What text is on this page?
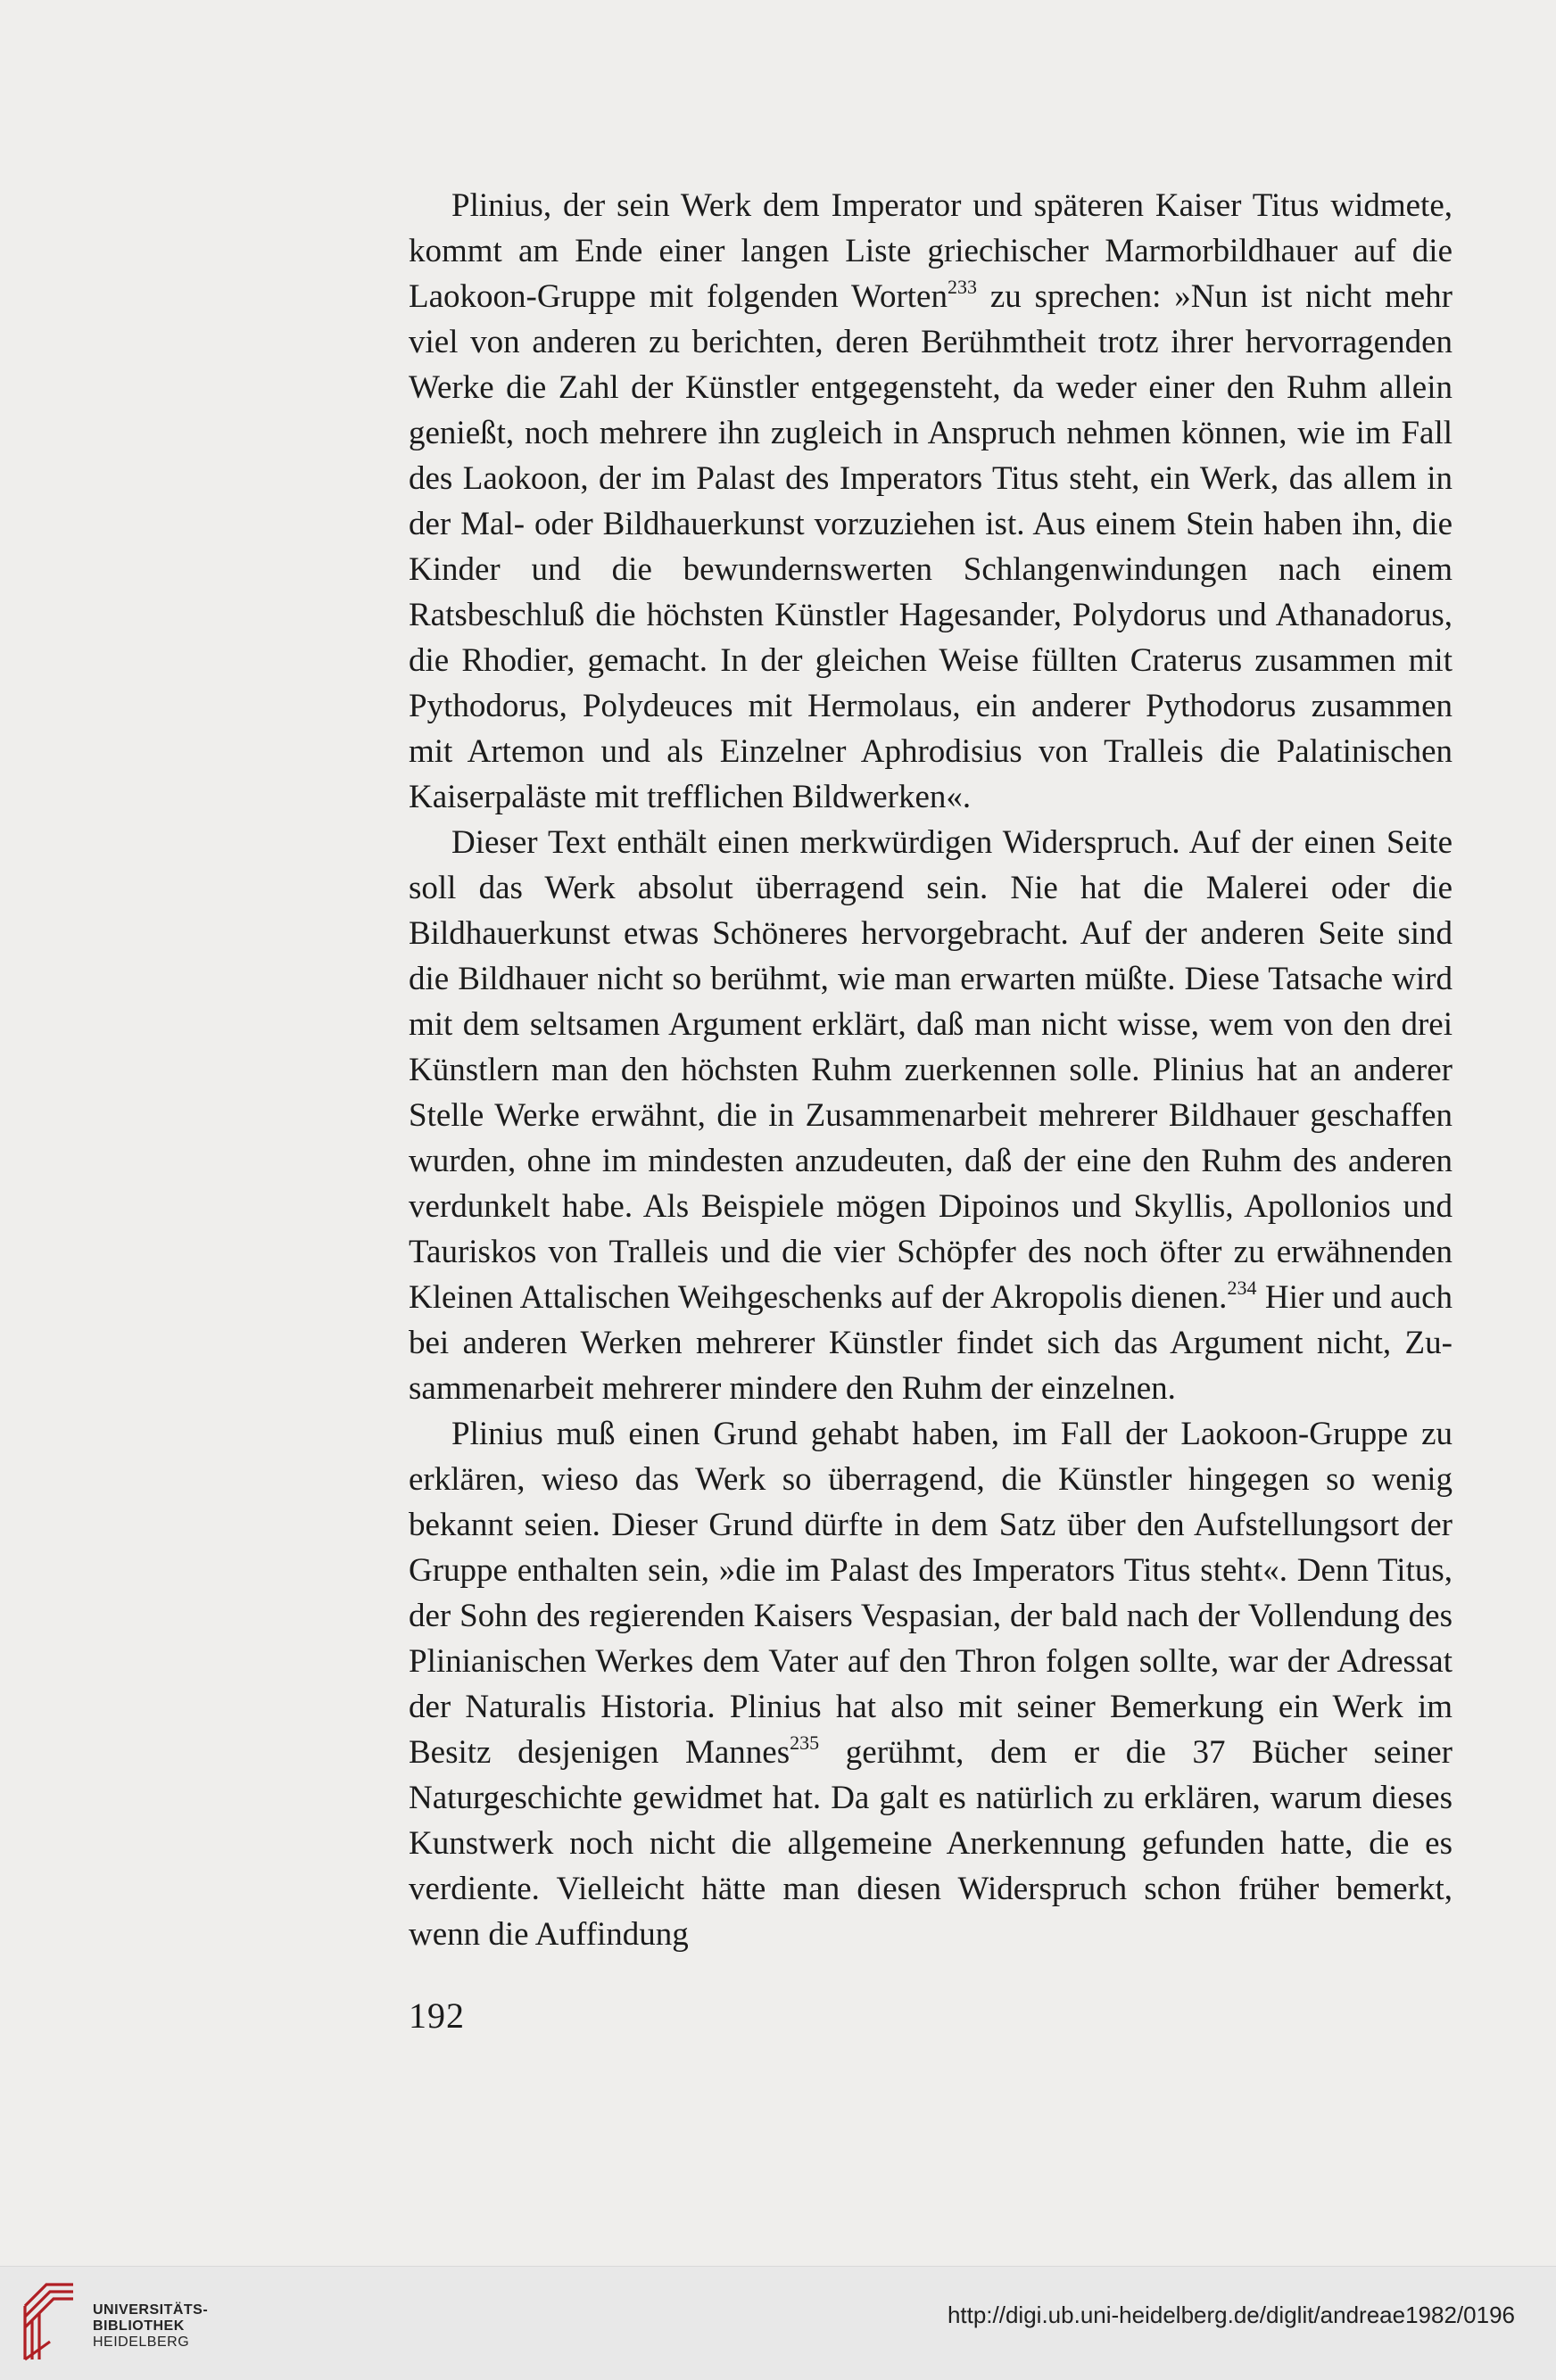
Plinius, der sein Werk dem Imperator und späteren Kaiser Titus widmete, kommt am Ende einer langen Liste griechischer Marmorbildhauer auf die Laokoon-Gruppe mit folgenden Worten$^{233}$ zu sprechen: »Nun ist nicht mehr viel von anderen zu berichten, deren Berühmtheit trotz ihrer hervorragenden Werke die Zahl der Künstler entgegensteht, da weder einer den Ruhm allein genießt, noch mehrere ihn zugleich in Anspruch nehmen können, wie im Fall des Laokoon, der im Palast des Imperators Titus steht, ein Werk, das allem in der Mal- oder Bildhauerkunst vorzuziehen ist. Aus einem Stein haben ihn, die Kinder und die bewundernswerten Schlangenwindungen nach einem Ratsbeschluß die höchsten Künstler Hagesander, Polydorus und Athanadorus, die Rhodier, gemacht. In der gleichen Weise füllten Craterus zusammen mit Pythodorus, Polydeuces mit Hermolaus, ein anderer Pythodorus zusammen mit Artemon und als Einzelner Aphrodisius von Tralleis die Palatinischen Kaiserpaläste mit trefflichen Bildwerken«.

Dieser Text enthält einen merkwürdigen Widerspruch. Auf der einen Seite soll das Werk absolut überragend sein. Nie hat die Malerei oder die Bildhauerkunst etwas Schöneres hervorgebracht. Auf der anderen Seite sind die Bildhauer nicht so berühmt, wie man erwarten müßte. Diese Tatsache wird mit dem seltsamen Argument erklärt, daß man nicht wisse, wem von den drei Künstlern man den höchsten Ruhm zuerkennen solle. Plinius hat an anderer Stelle Werke erwähnt, die in Zusammenarbeit mehrerer Bildhauer geschaffen wurden, ohne im mindesten anzudeuten, daß der eine den Ruhm des anderen verdunkelt habe. Als Beispiele mögen Dipoinos und Skyllis, Apollonios und Tauriskos von Tralleis und die vier Schöpfer des noch öfter zu erwähnenden Kleinen Attalischen Weihgeschenks auf der Akropolis dienen.$^{234}$ Hier und auch bei anderen Werken mehrerer Künstler findet sich das Argument nicht, Zusammenarbeit mehrerer mindere den Ruhm der einzelnen.

Plinius muß einen Grund gehabt haben, im Fall der Laokoon-Gruppe zu erklären, wieso das Werk so überragend, die Künstler hingegen so wenig bekannt seien. Dieser Grund dürfte in dem Satz über den Aufstellungsort der Gruppe enthalten sein, »die im Palast des Imperators Titus steht«. Denn Titus, der Sohn des regierenden Kaisers Vespasian, der bald nach der Vollendung des Plinianischen Werkes dem Vater auf den Thron folgen sollte, war der Adressat der Naturalis Historia. Plinius hat also mit seiner Bemerkung ein Werk im Besitz desjenigen Mannes$^{235}$ gerühmt, dem er die 37 Bücher seiner Naturgeschichte gewidmet hat. Da galt es natürlich zu erklären, warum dieses Kunstwerk noch nicht die allgemeine Anerkennung gefunden hatte, die es verdiente. Vielleicht hätte man diesen Widerspruch schon früher bemerkt, wenn die Auffindung

192
UNIVERSITÄTS-
BIBLIOTHEK
HEIDELBERG
http://digi.ub.uni-heidelberg.de/diglit/andreae1982/0196
